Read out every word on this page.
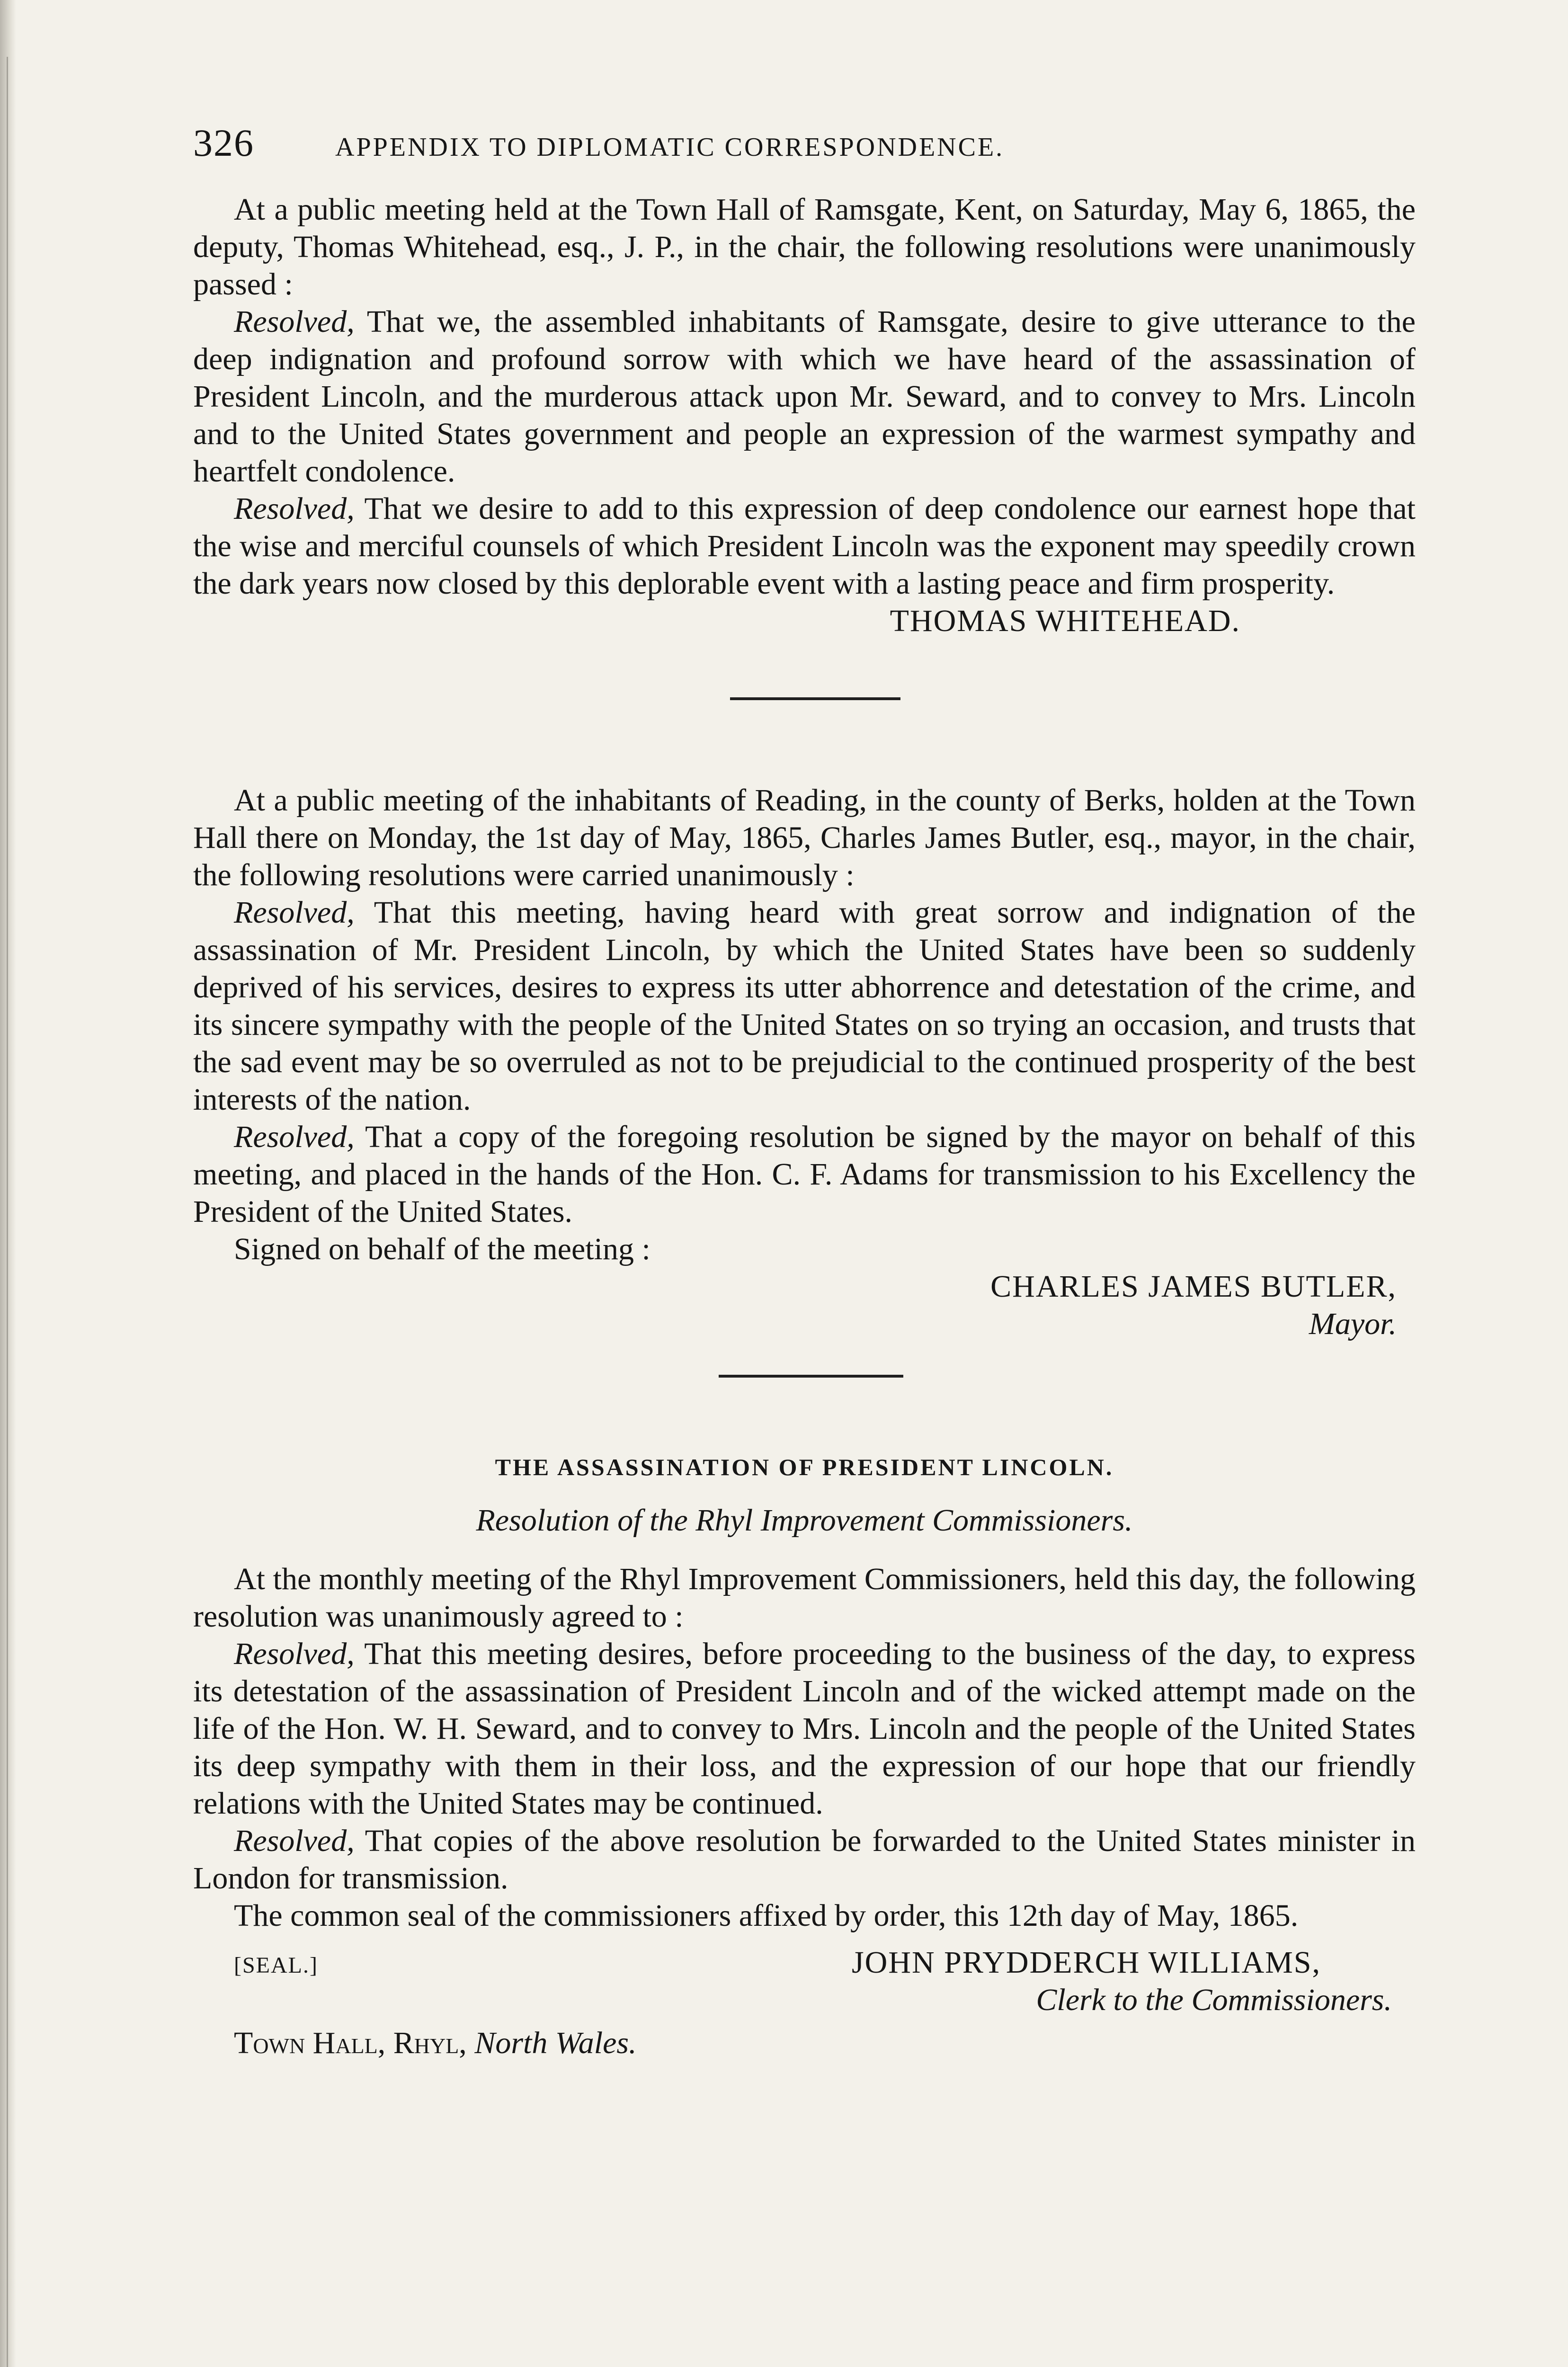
326	APPENDIX TO DIPLOMATIC CORRESPONDENCE.

At a public meeting held at the Town Hall of Ramsgate, Kent, on Saturday, May 6, 1865, the deputy, Thomas Whitehead, esq., J. P., in the chair, the following resolutions were unanimously passed :

Resolved, That we, the assembled inhabitants of Ramsgate, desire to give utterance to the deep indignation and profound sorrow with which we have heard of the assassination of President Lincoln, and the murderous attack upon Mr. Seward, and to convey to Mrs. Lincoln and to the United States government and people an expression of the warmest sympathy and heartfelt condolence.

Resolved, That we desire to add to this expression of deep condolence our earnest hope that the wise and merciful counsels of which President Lincoln was the exponent may speedily crown the dark years now closed by this deplorable event with a lasting peace and firm prosperity.

THOMAS WHITEHEAD.

At a public meeting of the inhabitants of Reading, in the county of Berks, holden at the Town Hall there on Monday, the 1st day of May, 1865, Charles James Butler, esq., mayor, in the chair, the following resolutions were carried unanimously :

Resolved, That this meeting, having heard with great sorrow and indignation of the assassination of Mr. President Lincoln, by which the United States have been so suddenly deprived of his services, desires to express its utter abhorrence and detestation of the crime, and its sincere sympathy with the people of the United States on so trying an occasion, and trusts that the sad event may be so overruled as not to be prejudicial to the continued prosperity of the best interests of the nation.

Resolved, That a copy of the foregoing resolution be signed by the mayor on behalf of this meeting, and placed in the hands of the Hon. C. F. Adams for transmission to his Excellency the President of the United States.

Signed on behalf of the meeting :

CHARLES JAMES BUTLER,
Mayor.
THE ASSASSINATION OF PRESIDENT LINCOLN.
Resolution of the Rhyl Improvement Commissioners.

At the monthly meeting of the Rhyl Improvement Commissioners, held this day, the following resolution was unanimously agreed to :

Resolved, That this meeting desires, before proceeding to the business of the day, to express its detestation of the assassination of President Lincoln and of the wicked attempt made on the life of the Hon. W. H. Seward, and to convey to Mrs. Lincoln and the people of the United States its deep sympathy with them in their loss, and the expression of our hope that our friendly relations with the United States may be continued.

Resolved, That copies of the above resolution be forwarded to the United States minister in London for transmission.

The common seal of the commissioners affixed by order, this 12th day of May, 1865.

[SEAL.]	JOHN PRYDDERCH WILLIAMS,
Clerk to the Commissioners.
Town Hall, Rhyl, North Wales.
